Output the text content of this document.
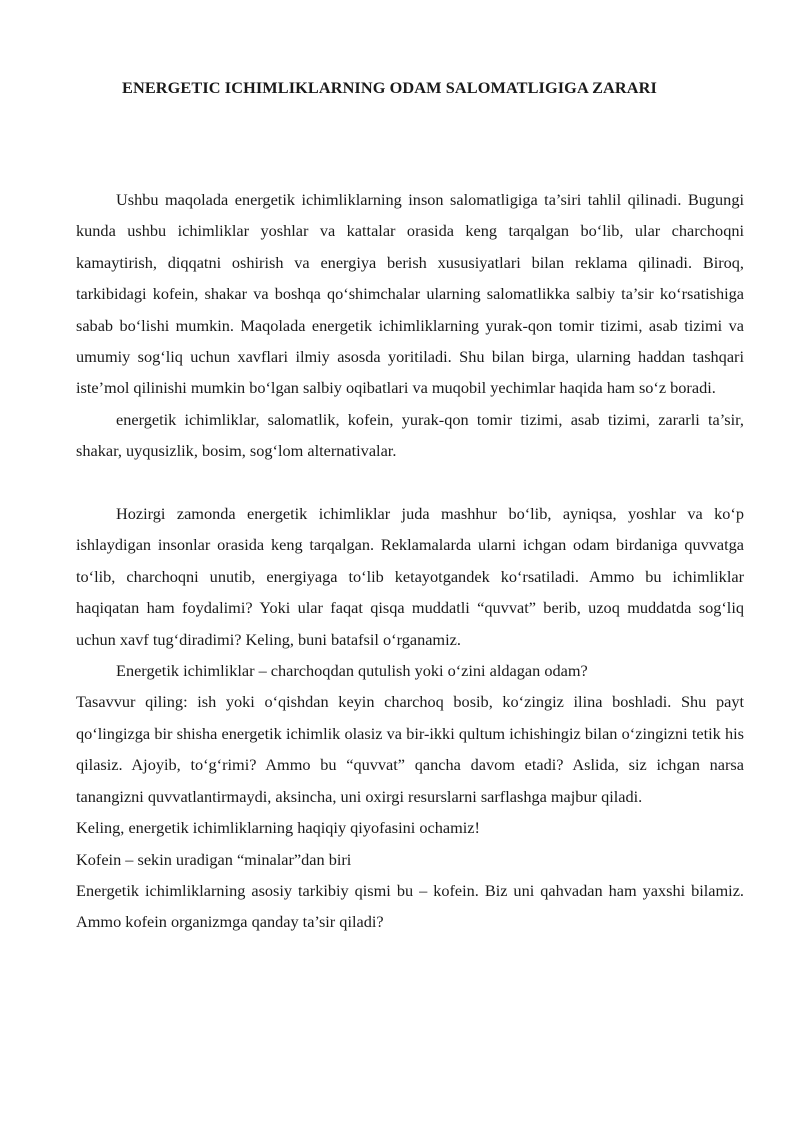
ENERGETIC ICHIMLIKLARNING ODAM SALOMATLIGIGA ZARARI

Ushbu maqolada energetik ichimliklarning inson salomatligiga ta’siri tahlil qilinadi. Bugungi kunda ushbu ichimliklar yoshlar va kattalar orasida keng tarqalgan bo‘lib, ular charchoqni kamaytirish, diqqatni oshirish va energiya berish xususiyatlari bilan reklama qilinadi. Biroq, tarkibidagi kofein, shakar va boshqa qo‘shimchalar ularning salomatlikka salbiy ta’sir ko‘rsatishiga sabab bo‘lishi mumkin. Maqolada energetik ichimliklarning yurak-qon tomir tizimi, asab tizimi va umumiy sog‘liq uchun xavflari ilmiy asosda yoritiladi. Shu bilan birga, ularning haddan tashqari iste’mol qilinishi mumkin bo‘lgan salbiy oqibatlari va muqobil yechimlar haqida ham so‘z boradi.

energetik ichimliklar, salomatlik, kofein, yurak-qon tomir tizimi, asab tizimi, zararli ta’sir, shakar, uyqusizlik, bosim, sog‘lom alternativalar.

Hozirgi zamonda energetik ichimliklar juda mashhur bo‘lib, ayniqsa, yoshlar va ko‘p ishlaydigan insonlar orasida keng tarqalgan. Reklamalarda ularni ichgan odam birdaniga quvvatga to‘lib, charchoqni unutib, energiyaga to‘lib ketayotgandek ko‘rsatiladi. Ammo bu ichimliklar haqiqatan ham foydalimi? Yoki ular faqat qisqa muddatli “quvvat” berib, uzoq muddatda sog‘liq uchun xavf tug‘diradimi? Keling, buni batafsil o‘rganamiz.

Energetik ichimliklar – charchoqdan qutulish yoki o‘zini aldagan odam?

Tasavvur qiling: ish yoki o‘qishdan keyin charchoq bosib, ko‘zingiz ilina boshladi. Shu payt qo‘lingizga bir shisha energetik ichimlik olasiz va bir-ikki qultum ichishingiz bilan o‘zingizni tetik his qilasiz. Ajoyib, to‘g‘rimi? Ammo bu “quvvat” qancha davom etadi? Aslida, siz ichgan narsa tanangizni quvvatlantirmaydi, aksincha, uni oxirgi resurslarni sarflashga majbur qiladi.

Keling, energetik ichimliklarning haqiqiy qiyofasini ochamiz!

Kofein – sekin uradigan “minalar”dan biri

Energetik ichimliklarning asosiy tarkibiy qismi bu – kofein. Biz uni qahvadan ham yaxshi bilamiz. Ammo kofein organizmga qanday ta’sir qiladi?
